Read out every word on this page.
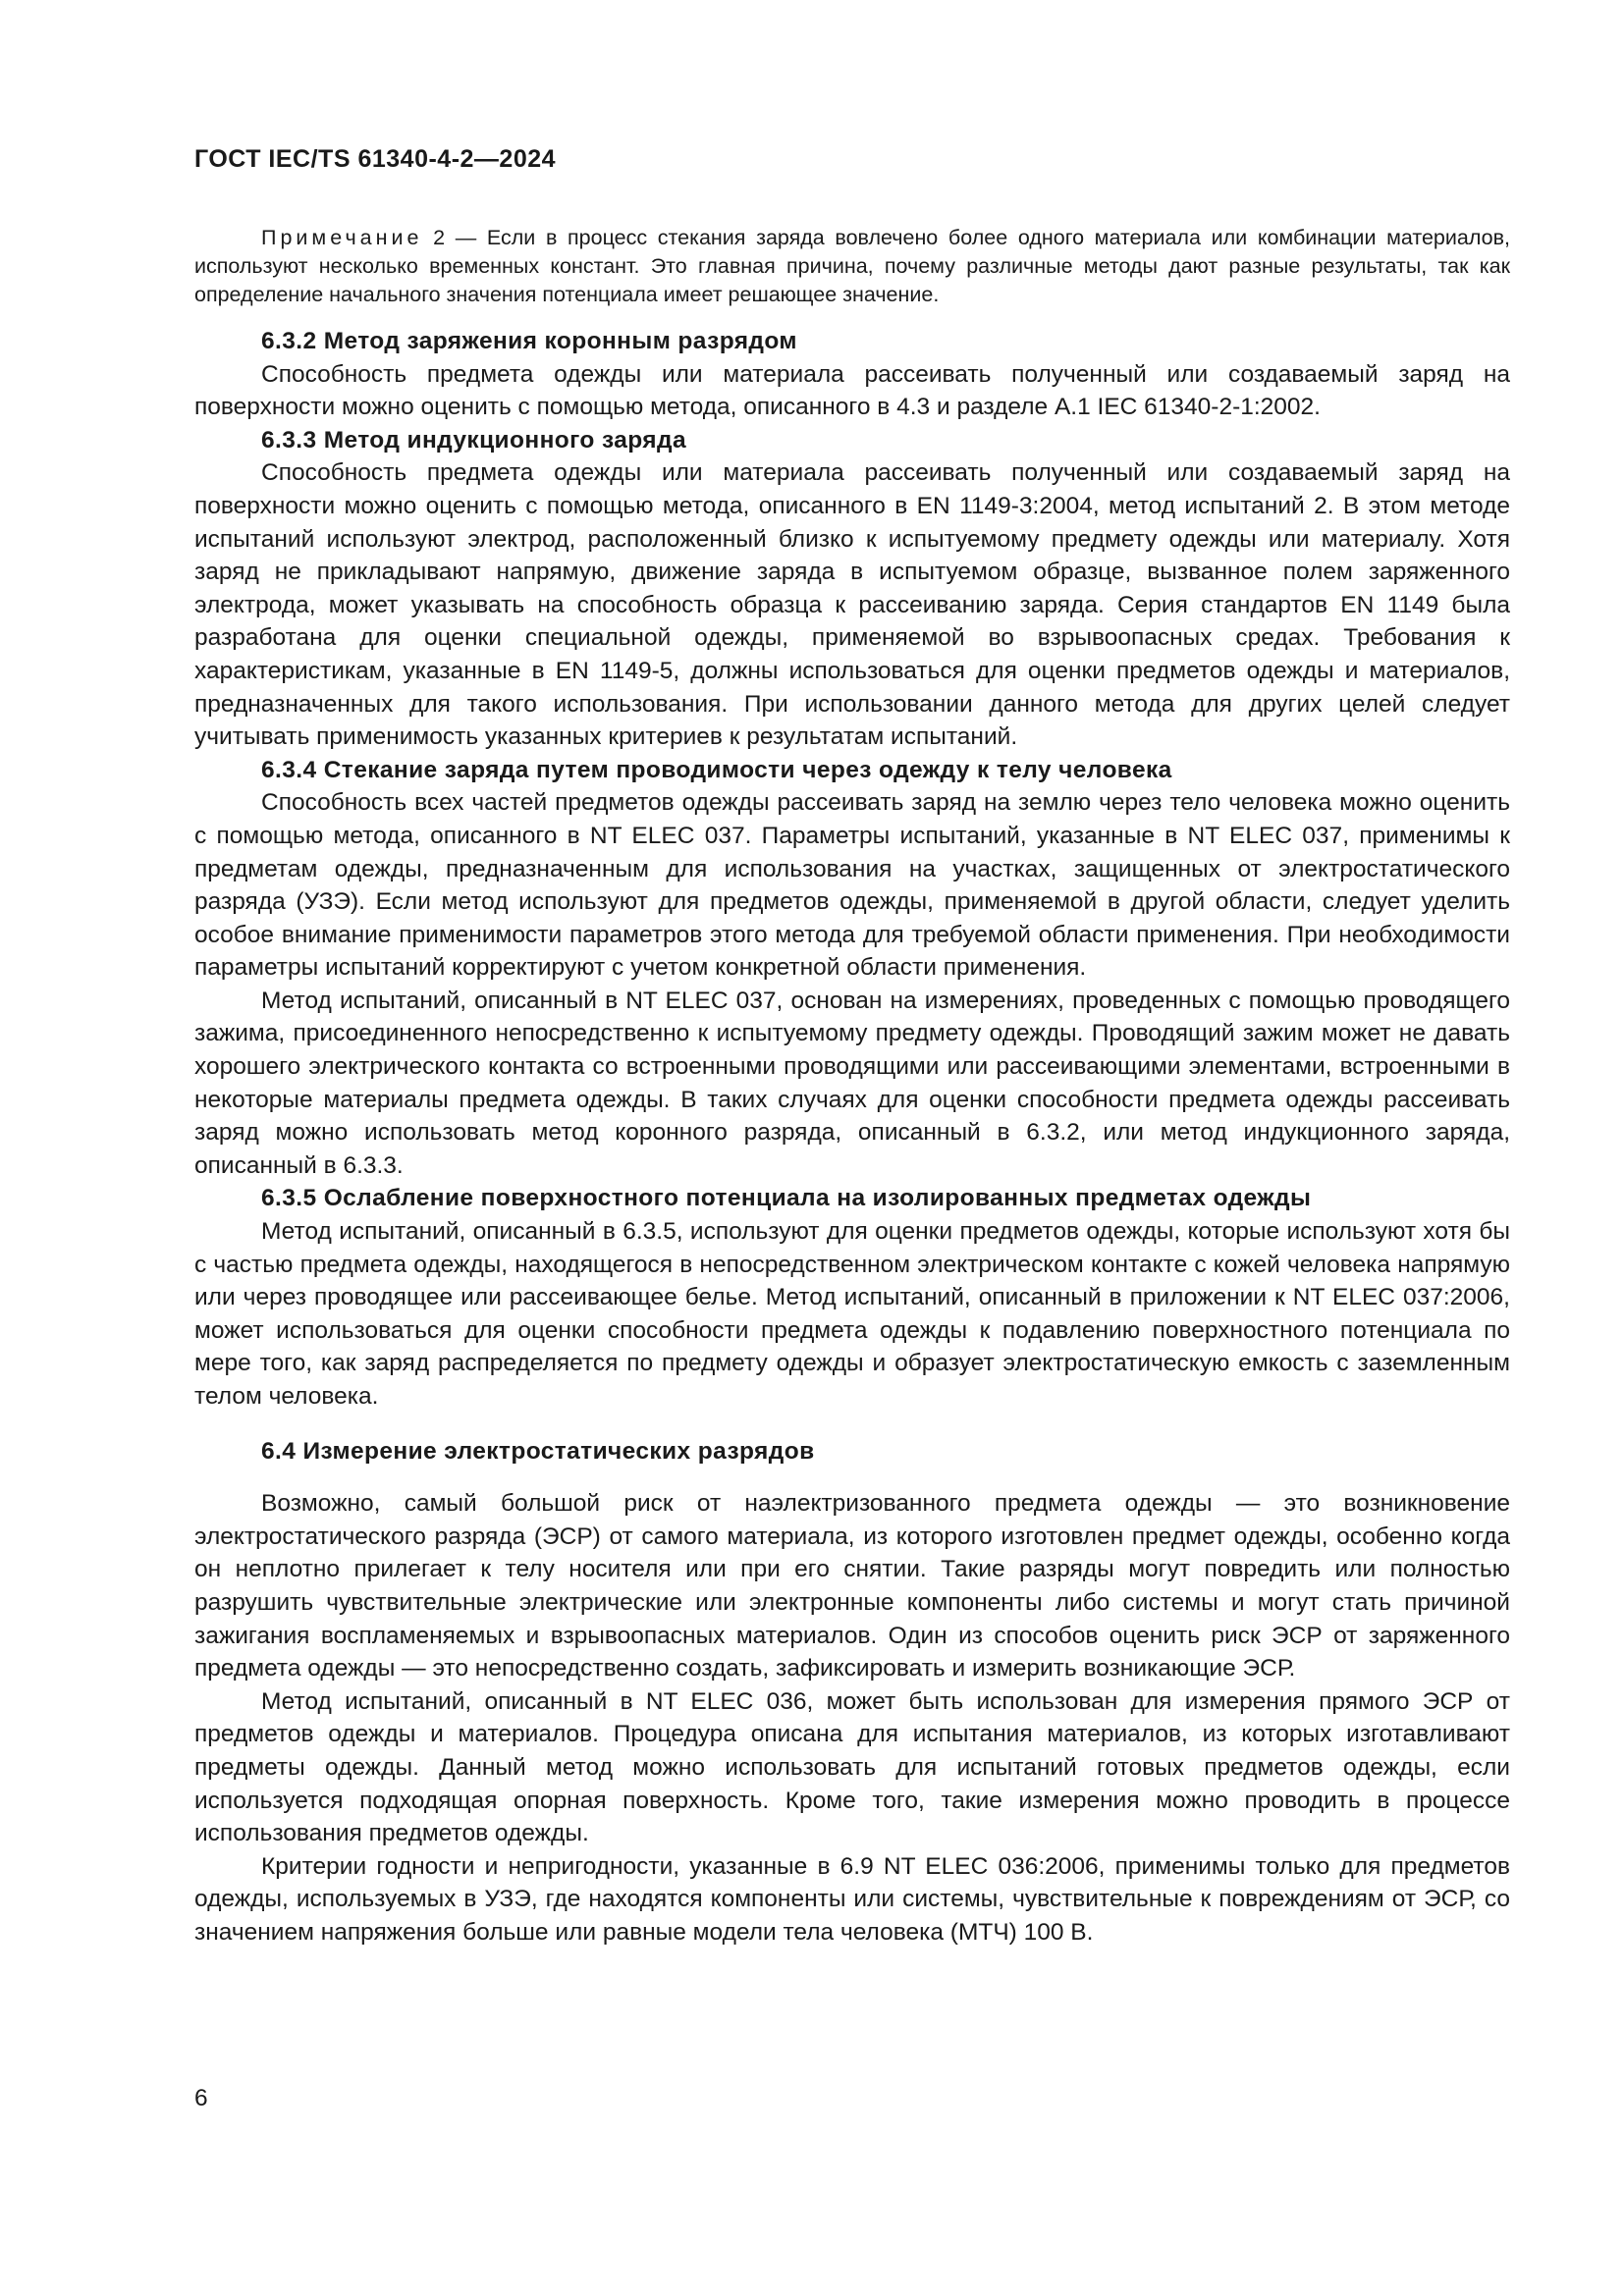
ГОСТ IEC/TS 61340-4-2—2024

Примечание 2 — Если в процесс стекания заряда вовлечено более одного материала или комбинации материалов, используют несколько временных констант. Это главная причина, почему различные методы дают разные результаты, так как определение начального значения потенциала имеет решающее значение.

6.3.2 Метод заряжения коронным разрядом

Способность предмета одежды или материала рассеивать полученный или создаваемый заряд на поверхности можно оценить с помощью метода, описанного в 4.3 и разделе А.1 IEC 61340-2-1:2002.

6.3.3 Метод индукционного заряда

Способность предмета одежды или материала рассеивать полученный или создаваемый заряд на поверхности можно оценить с помощью метода, описанного в EN 1149-3:2004, метод испытаний 2. В этом методе испытаний используют электрод, расположенный близко к испытуемому предмету одежды или материалу. Хотя заряд не прикладывают напрямую, движение заряда в испытуемом образце, вызванное полем заряженного электрода, может указывать на способность образца к рассеиванию заряда. Серия стандартов EN 1149 была разработана для оценки специальной одежды, применяемой во взрывоопасных средах. Требования к характеристикам, указанные в EN 1149-5, должны использоваться для оценки предметов одежды и материалов, предназначенных для такого использования. При использовании данного метода для других целей следует учитывать применимость указанных критериев к результатам испытаний.

6.3.4 Стекание заряда путем проводимости через одежду к телу человека

Способность всех частей предметов одежды рассеивать заряд на землю через тело человека можно оценить с помощью метода, описанного в NT ELEC 037. Параметры испытаний, указанные в NT ELEC 037, применимы к предметам одежды, предназначенным для использования на участках, защищенных от электростатического разряда (УЗЭ). Если метод используют для предметов одежды, применяемой в другой области, следует уделить особое внимание применимости параметров этого метода для требуемой области применения. При необходимости параметры испытаний корректируют с учетом конкретной области применения.

Метод испытаний, описанный в NT ELEC 037, основан на измерениях, проведенных с помощью проводящего зажима, присоединенного непосредственно к испытуемому предмету одежды. Проводящий зажим может не давать хорошего электрического контакта со встроенными проводящими или рассеивающими элементами, встроенными в некоторые материалы предмета одежды. В таких случаях для оценки способности предмета одежды рассеивать заряд можно использовать метод коронного разряда, описанный в 6.3.2, или метод индукционного заряда, описанный в 6.3.3.

6.3.5 Ослабление поверхностного потенциала на изолированных предметах одежды

Метод испытаний, описанный в 6.3.5, используют для оценки предметов одежды, которые используют хотя бы с частью предмета одежды, находящегося в непосредственном электрическом контакте с кожей человека напрямую или через проводящее или рассеивающее белье. Метод испытаний, описанный в приложении к NT ELEC 037:2006, может использоваться для оценки способности предмета одежды к подавлению поверхностного потенциала по мере того, как заряд распределяется по предмету одежды и образует электростатическую емкость с заземленным телом человека.

6.4 Измерение электростатических разрядов

Возможно, самый большой риск от наэлектризованного предмета одежды — это возникновение электростатического разряда (ЭСР) от самого материала, из которого изготовлен предмет одежды, особенно когда он неплотно прилегает к телу носителя или при его снятии. Такие разряды могут повредить или полностью разрушить чувствительные электрические или электронные компоненты либо системы и могут стать причиной зажигания воспламеняемых и взрывоопасных материалов. Один из способов оценить риск ЭСР от заряженного предмета одежды — это непосредственно создать, зафиксировать и измерить возникающие ЭСР.

Метод испытаний, описанный в NT ELEC 036, может быть использован для измерения прямого ЭСР от предметов одежды и материалов. Процедура описана для испытания материалов, из которых изготавливают предметы одежды. Данный метод можно использовать для испытаний готовых предметов одежды, если используется подходящая опорная поверхность. Кроме того, такие измерения можно проводить в процессе использования предметов одежды.

Критерии годности и непригодности, указанные в 6.9 NT ELEC 036:2006, применимы только для предметов одежды, используемых в УЗЭ, где находятся компоненты или системы, чувствительные к повреждениям от ЭСР, со значением напряжения больше или равные модели тела человека (МТЧ) 100 В.

6
